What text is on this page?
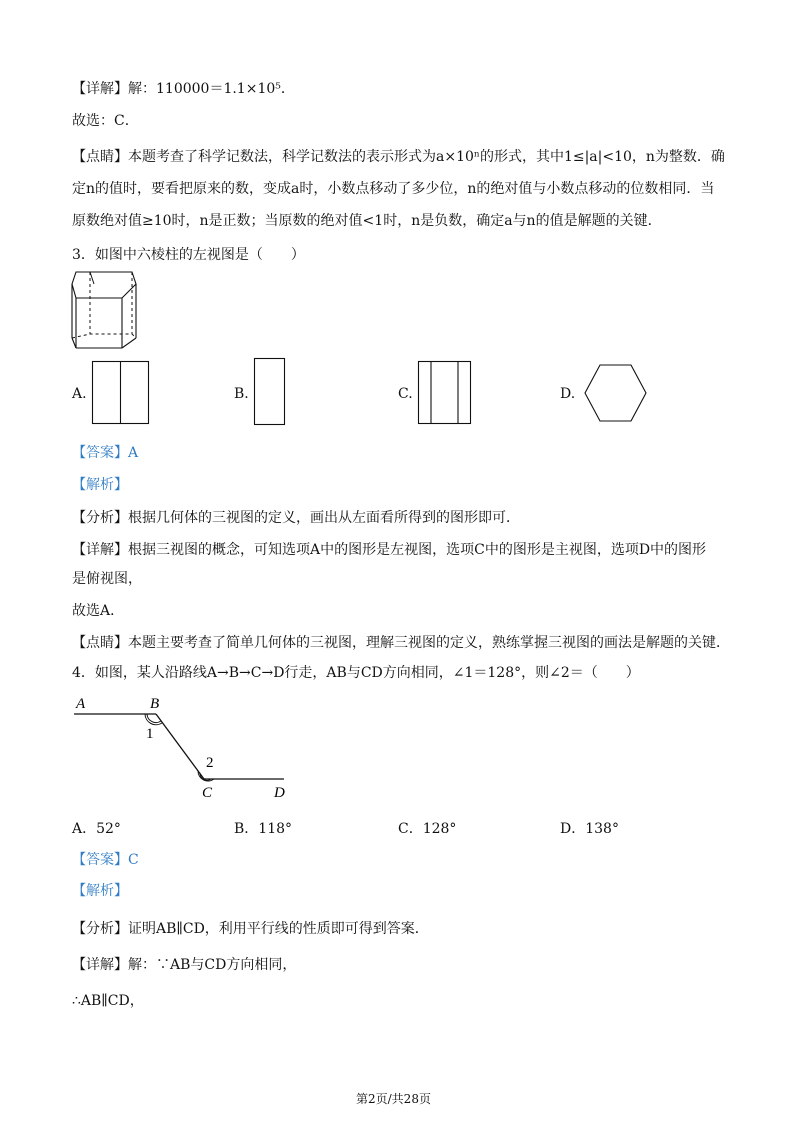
【详解】解：110000＝1.1×10⁵．
故选：C．
【点睛】本题考查了科学记数法，科学记数法的表示形式为a×10ⁿ的形式，其中1≤|a|<10，n为整数．确
定n的值时，要看把原来的数，变成a时，小数点移动了多少位，n的绝对值与小数点移动的位数相同．当
原数绝对值≥10时，n是正数；当原数的绝对值<1时，n是负数，确定a与n的值是解题的关键．
3．如图中六棱柱的左视图是（　　）
A.	B.	C.	D.
【答案】A
【解析】
【分析】根据几何体的三视图的定义，画出从左面看所得到的图形即可．
【详解】根据三视图的概念，可知选项A中的图形是左视图，选项C中的图形是主视图，选项D中的图形
是俯视图，
故选A．
【点睛】本题主要考查了简单几何体的三视图，理解三视图的定义，熟练掌握三视图的画法是解题的关键．
4．如图，某人沿路线A→B→C→D行走，AB与CD方向相同，∠1＝128°，则∠2＝（　　）
A	B
1
2
C	D
A．52°	B．118°	C．128°	D．138°
【答案】C
【解析】
【分析】证明AB∥CD，利用平行线的性质即可得到答案．
【详解】解：∵AB与CD方向相同，
∴AB∥CD，
第2页/共28页
